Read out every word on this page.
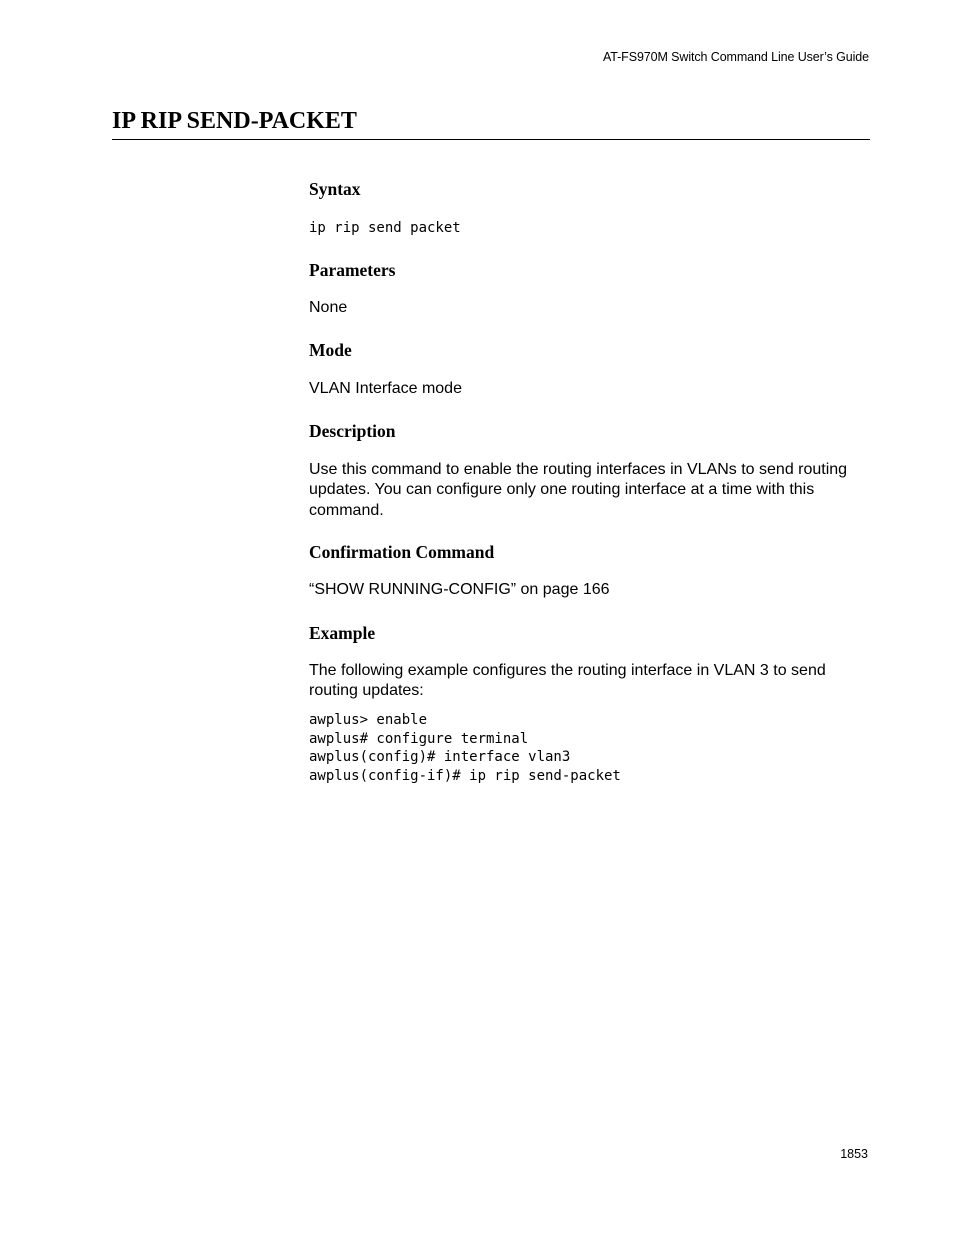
AT-FS970M Switch Command Line User’s Guide
IP RIP SEND-PACKET
Syntax
ip rip send packet
Parameters

None

Mode

VLAN Interface mode

Description

Use this command to enable the routing interfaces in VLANs to send routing updates. You can configure only one routing interface at a time with this command.

Confirmation Command

“SHOW RUNNING-CONFIG” on page 166

Example

The following example configures the routing interface in VLAN 3 to send routing updates:

awplus> enable
awplus# configure terminal
awplus(config)# interface vlan3
awplus(config-if)# ip rip send-packet
1853
